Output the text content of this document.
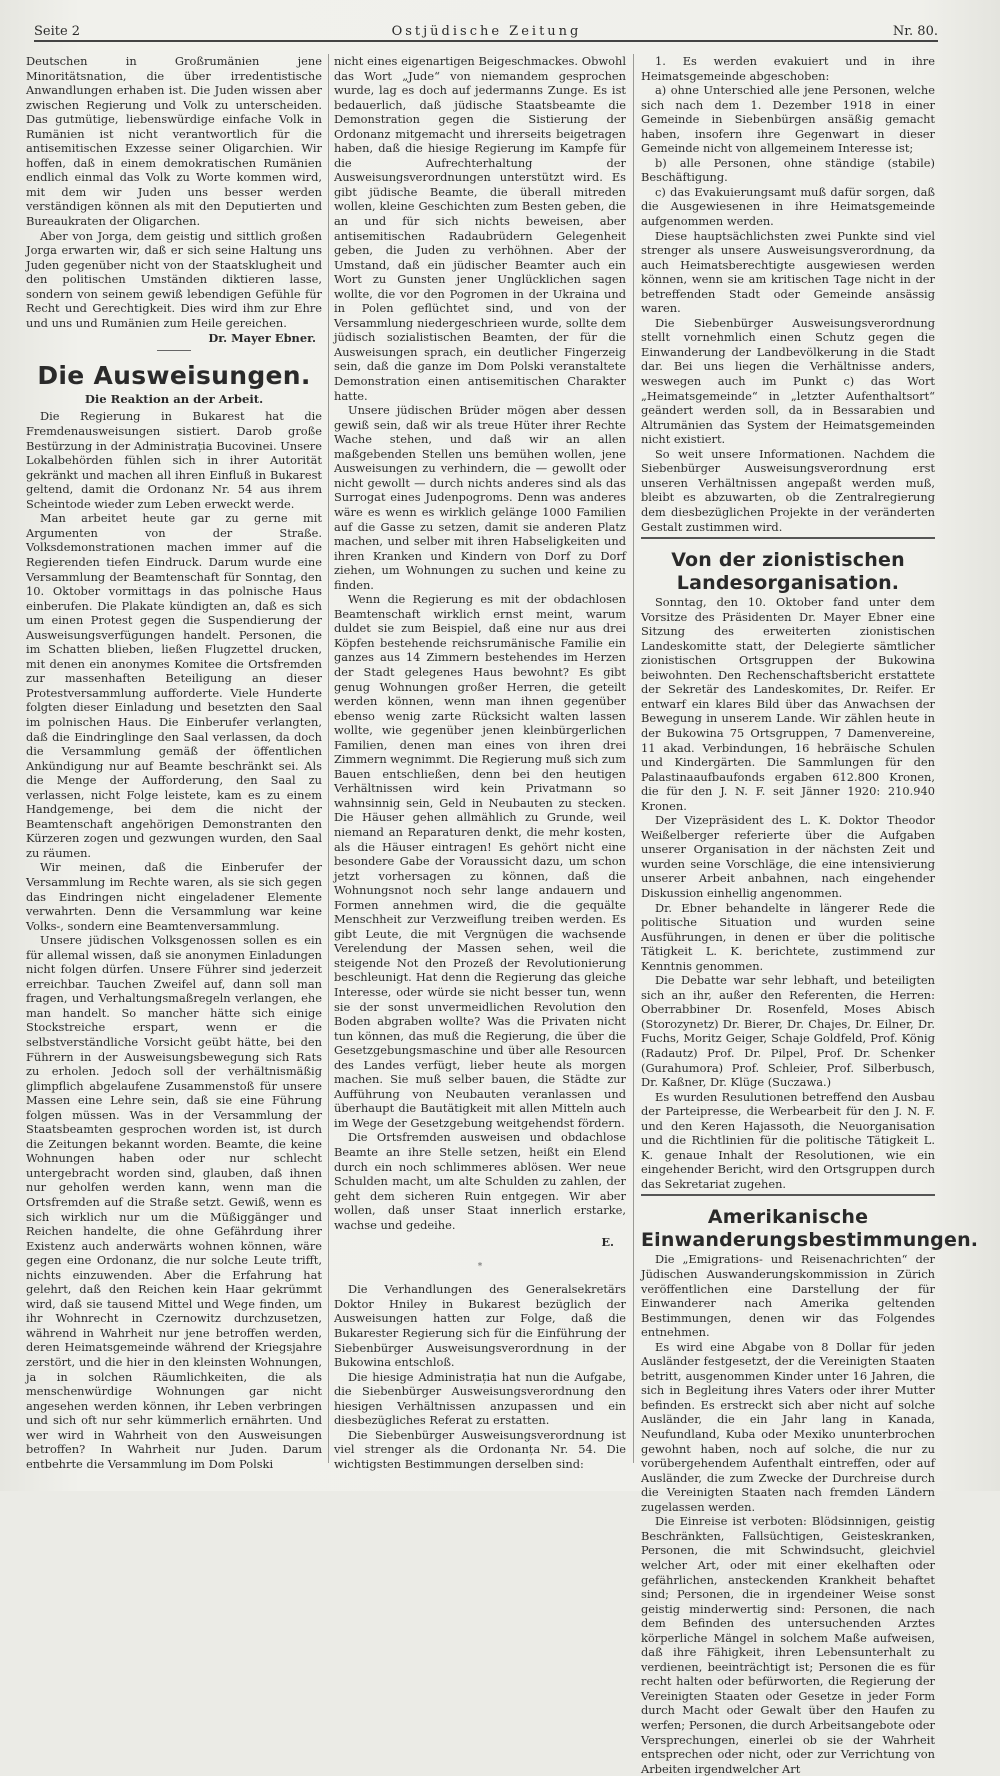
Seite 2	Ostjüdische Zeitung	Nr. 80.

Deutschen in Großrumänien jene Minoritätsnation, die über irredentistische Anwandlungen erhaben ist. Die Juden wissen aber zwischen Regierung und Volk zu unterscheiden. Das gutmütige, liebenswürdige einfache Volk in Rumänien ist nicht verantwortlich für die antisemitischen Exzesse seiner Oligarchien. Wir hoffen, daß in einem demokratischen Rumänien endlich einmal das Volk zu Worte kommen wird, mit dem wir Juden uns besser werden verständigen können als mit den Deputierten und Bureaukraten der Oligarchen.

Aber von Jorga, dem geistig und sittlich großen Jorga erwarten wir, daß er sich seine Haltung uns Juden gegenüber nicht von der Staatsklugheit und den politischen Umständen diktieren lasse, sondern von seinem gewiß lebendigen Gefühle für Recht und Gerechtigkeit. Dies wird ihm zur Ehre und uns und Rumänien zum Heile gereichen.

Dr. Mayer Ebner.
Die Ausweisungen.
Die Reaktion an der Arbeit.

Die Regierung in Bukarest hat die Fremdenausweisungen sistiert. Darob große Bestürzung in der Administrația Bucovinei. Unsere Lokalbehörden fühlen sich in ihrer Autorität gekränkt und machen all ihren Einfluß in Bukarest geltend, damit die Ordonanz Nr. 54 aus ihrem Scheintode wieder zum Leben erweckt werde.

Man arbeitet heute gar zu gerne mit Argumenten von der Straße. Volksdemonstrationen machen immer auf die Regierenden tiefen Eindruck. Darum wurde eine Versammlung der Beamtenschaft für Sonntag, den 10. Oktober vormittags in das polnische Haus einberufen. Die Plakate kündigten an, daß es sich um einen Protest gegen die Suspendierung der Ausweisungsverfügungen handelt. Personen, die im Schatten blieben, ließen Flugzettel drucken, mit denen ein anonymes Komitee die Ortsfremden zur massenhaften Beteiligung an dieser Protestversammlung aufforderte. Viele Hunderte folgten dieser Einladung und besetzten den Saal im polnischen Haus. Die Einberufer verlangten, daß die Eindringlinge den Saal verlassen, da doch die Versammlung gemäß der öffentlichen Ankündigung nur auf Beamte beschränkt sei. Als die Menge der Aufforderung, den Saal zu verlassen, nicht Folge leistete, kam es zu einem Handgemenge, bei dem die nicht der Beamtenschaft angehörigen Demonstranten den Kürzeren zogen und gezwungen wurden, den Saal zu räumen.

Wir meinen, daß die Einberufer der Versammlung im Rechte waren, als sie sich gegen das Eindringen nicht eingeladener Elemente verwahrten. Denn die Versammlung war keine Volks-, sondern eine Beamtenversammlung.

Unsere jüdischen Volksgenossen sollen es ein für allemal wissen, daß sie anonymen Einladungen nicht folgen dürfen. Unsere Führer sind jederzeit erreichbar. Tauchen Zweifel auf, dann soll man fragen, und Verhaltungsmaßregeln verlangen, ehe man handelt. So mancher hätte sich einige Stockstreiche erspart, wenn er die selbstverständliche Vorsicht geübt hätte, bei den Führern in der Ausweisungsbewegung sich Rats zu erholen. Jedoch soll der verhältnismäßig glimpflich abgelaufene Zusammenstoß für unsere Massen eine Lehre sein, daß sie eine Führung folgen müssen. Was in der Versammlung der Staatsbeamten gesprochen worden ist, ist durch die Zeitungen bekannt worden. Beamte, die keine Wohnungen haben oder nur schlecht untergebracht worden sind, glauben, daß ihnen nur geholfen werden kann, wenn man die Ortsfremden auf die Straße setzt. Gewiß, wenn es sich wirklich nur um die Müßiggänger und Reichen handelte, die ohne Gefährdung ihrer Existenz auch anderwärts wohnen können, wäre gegen eine Ordonanz, die nur solche Leute trifft, nichts einzuwenden. Aber die Erfahrung hat gelehrt, daß den Reichen kein Haar gekrümmt wird, daß sie tausend Mittel und Wege finden, um ihr Wohnrecht in Czernowitz durchzusetzen, während in Wahrheit nur jene betroffen werden, deren Heimatsgemeinde während der Kriegsjahre zerstört, und die hier in den kleinsten Wohnungen, ja in solchen Räumlichkeiten, die als menschenwürdige Wohnungen gar nicht angesehen werden können, ihr Leben verbringen und sich oft nur sehr kümmerlich ernährten. Und wer wird in Wahrheit von den Ausweisungen betroffen? In Wahrheit nur Juden. Darum entbehrte die Versammlung im Dom Polski

nicht eines eigenartigen Beigeschmackes. Obwohl das Wort „Jude“ von niemandem gesprochen wurde, lag es doch auf jedermanns Zunge. Es ist bedauerlich, daß jüdische Staatsbeamte die Demonstration gegen die Sistierung der Ordonanz mitgemacht und ihrerseits beigetragen haben, daß die hiesige Regierung im Kampfe für die Aufrechterhaltung der Ausweisungsverordnungen unterstützt wird. Es gibt jüdische Beamte, die überall mitreden wollen, kleine Geschichten zum Besten geben, die an und für sich nichts beweisen, aber antisemitischen Radaubrüdern Gelegenheit geben, die Juden zu verhöhnen. Aber der Umstand, daß ein jüdischer Beamter auch ein Wort zu Gunsten jener Unglücklichen sagen wollte, die vor den Pogromen in der Ukraina und in Polen geflüchtet sind, und von der Versammlung niedergeschrieen wurde, sollte dem jüdisch sozialistischen Beamten, der für die Ausweisungen sprach, ein deutlicher Fingerzeig sein, daß die ganze im Dom Polski veranstaltete Demonstration einen antisemitischen Charakter hatte.

Unsere jüdischen Brüder mögen aber dessen gewiß sein, daß wir als treue Hüter ihrer Rechte Wache stehen, und daß wir an allen maßgebenden Stellen uns bemühen wollen, jene Ausweisungen zu verhindern, die — gewollt oder nicht gewollt — durch nichts anderes sind als das Surrogat eines Judenpogroms. Denn was anderes wäre es wenn es wirklich gelänge 1000 Familien auf die Gasse zu setzen, damit sie anderen Platz machen, und selber mit ihren Habseligkeiten und ihren Kranken und Kindern von Dorf zu Dorf ziehen, um Wohnungen zu suchen und keine zu finden.

Wenn die Regierung es mit der obdachlosen Beamtenschaft wirklich ernst meint, warum duldet sie zum Beispiel, daß eine nur aus drei Köpfen bestehende reichsrumänische Familie ein ganzes aus 14 Zimmern bestehendes im Herzen der Stadt gelegenes Haus bewohnt? Es gibt genug Wohnungen großer Herren, die geteilt werden können, wenn man ihnen gegenüber ebenso wenig zarte Rücksicht walten lassen wollte, wie gegenüber jenen kleinbürgerlichen Familien, denen man eines von ihren drei Zimmern wegnimmt. Die Regierung muß sich zum Bauen entschließen, denn bei den heutigen Verhältnissen wird kein Privatmann so wahnsinnig sein, Geld in Neubauten zu stecken. Die Häuser gehen allmählich zu Grunde, weil niemand an Reparaturen denkt, die mehr kosten, als die Häuser eintragen! Es gehört nicht eine besondere Gabe der Voraussicht dazu, um schon jetzt vorhersagen zu können, daß die Wohnungsnot noch sehr lange andauern und Formen annehmen wird, die die gequälte Menschheit zur Verzweiflung treiben werden. Es gibt Leute, die mit Vergnügen die wachsende Verelendung der Massen sehen, weil die steigende Not den Prozeß der Revolutionierung beschleunigt. Hat denn die Regierung das gleiche Interesse, oder würde sie nicht besser tun, wenn sie der sonst unvermeidlichen Revolution den Boden abgraben wollte? Was die Privaten nicht tun können, das muß die Regierung, die über die Gesetzgebungsmaschine und über alle Resourcen des Landes verfügt, lieber heute als morgen machen. Sie muß selber bauen, die Städte zur Aufführung von Neubauten veranlassen und überhaupt die Bautätigkeit mit allen Mitteln auch im Wege der Gesetzgebung weitgehendst fördern.

Die Ortsfremden ausweisen und obdachlose Beamte an ihre Stelle setzen, heißt ein Elend durch ein noch schlimmeres ablösen. Wer neue Schulden macht, um alte Schulden zu zahlen, der geht dem sicheren Ruin entgegen. Wir aber wollen, daß unser Staat innerlich erstarke, wachse und gedeihe.

E.
*

Die Verhandlungen des Generalsekretärs Doktor Hniley in Bukarest bezüglich der Ausweisungen hatten zur Folge, daß die Bukarester Regierung sich für die Einführung der Siebenbürger Ausweisungsverordnung in der Bukowina entschloß.

Die hiesige Administrația hat nun die Aufgabe, die Siebenbürger Ausweisungsverordnung den hiesigen Verhältnissen anzupassen und ein diesbezügliches Referat zu erstatten.

Die Siebenbürger Ausweisungsverordnung ist viel strenger als die Ordonanța Nr. 54. Die wichtigsten Bestimmungen derselben sind:

1. Es werden evakuiert und in ihre Heimatsgemeinde abgeschoben:

a) ohne Unterschied alle jene Personen, welche sich nach dem 1. Dezember 1918 in einer Gemeinde in Siebenbürgen ansäßig gemacht haben, insofern ihre Gegenwart in dieser Gemeinde nicht von allgemeinem Interesse ist;

b) alle Personen, ohne ständige (stabile) Beschäftigung.

c) das Evakuierungsamt muß dafür sorgen, daß die Ausgewiesenen in ihre Heimatsgemeinde aufgenommen werden.

Diese hauptsächlichsten zwei Punkte sind viel strenger als unsere Ausweisungsverordnung, da auch Heimatsberechtigte ausgewiesen werden können, wenn sie am kritischen Tage nicht in der betreffenden Stadt oder Gemeinde ansässig waren.

Die Siebenbürger Ausweisungsverordnung stellt vornehmlich einen Schutz gegen die Einwanderung der Landbevölkerung in die Stadt dar. Bei uns liegen die Verhältnisse anders, weswegen auch im Punkt c) das Wort „Heimatsgemeinde“ in „letzter Aufenthaltsort“ geändert werden soll, da in Bessarabien und Altrumänien das System der Heimatsgemeinden nicht existiert.

So weit unsere Informationen. Nachdem die Siebenbürger Ausweisungsverordnung erst unseren Verhältnissen angepaßt werden muß, bleibt es abzuwarten, ob die Zentralregierung dem diesbezüglichen Projekte in der veränderten Gestalt zustimmen wird.

Von der zionistischen Landesorganisation.

Sonntag, den 10. Oktober fand unter dem Vorsitze des Präsidenten Dr. Mayer Ebner eine Sitzung des erweiterten zionistischen Landeskomitte statt, der Delegierte sämtlicher zionistischen Ortsgruppen der Bukowina beiwohnten. Den Rechenschaftsbericht erstattete der Sekretär des Landeskomites, Dr. Reifer. Er entwarf ein klares Bild über das Anwachsen der Bewegung in unserem Lande. Wir zählen heute in der Bukowina 75 Ortsgruppen, 7 Damenvereine, 11 akad. Verbindungen, 16 hebräische Schulen und Kindergärten. Die Sammlungen für den Palastinaaufbaufonds ergaben 612.800 Kronen, die für den J. N. F. seit Jänner 1920: 210.940 Kronen.

Der Vizepräsident des L. K. Doktor Theodor Weißelberger referierte über die Aufgaben unserer Organisation in der nächsten Zeit und wurden seine Vorschläge, die eine intensivierung unserer Arbeit anbahnen, nach eingehender Diskussion einhellig angenommen.

Dr. Ebner behandelte in längerer Rede die politische Situation und wurden seine Ausführungen, in denen er über die politische Tätigkeit L. K. berichtete, zustimmend zur Kenntnis genommen.

Die Debatte war sehr lebhaft, und beteiligten sich an ihr, außer den Referenten, die Herren: Oberrabbiner Dr. Rosenfeld, Moses Abisch (Storozynetz) Dr. Bierer, Dr. Chajes, Dr. Eilner, Dr. Fuchs, Moritz Geiger, Schaje Goldfeld, Prof. König (Radautz) Prof. Dr. Pilpel, Prof. Dr. Schenker (Gurahumora) Prof. Schleier, Prof. Silberbusch, Dr. Kaßner, Dr. Klüge (Suczawa.)

Es wurden Resulutionen betreffend den Ausbau der Parteipresse, die Werbearbeit für den J. N. F. und den Keren Hajassoth, die Neuorganisation und die Richtlinien für die politische Tätigkeit L. K. genaue Inhalt der Resolutionen, wie ein eingehender Bericht, wird den Ortsgruppen durch das Sekretariat zugehen.

Amerikanische Einwanderungsbestimmungen.

Die „Emigrations- und Reisenachrichten“ der Jüdischen Auswanderungskommission in Zürich veröffentlichen eine Darstellung der für Einwanderer nach Amerika geltenden Bestimmungen, denen wir das Folgendes entnehmen.

Es wird eine Abgabe von 8 Dollar für jeden Ausländer festgesetzt, der die Vereinigten Staaten betritt, ausgenommen Kinder unter 16 Jahren, die sich in Begleitung ihres Vaters oder ihrer Mutter befinden. Es erstreckt sich aber nicht auf solche Ausländer, die ein Jahr lang in Kanada, Neufundland, Kuba oder Mexiko ununterbrochen gewohnt haben, noch auf solche, die nur zu vorübergehendem Aufenthalt eintreffen, oder auf Ausländer, die zum Zwecke der Durchreise durch die Vereinigten Staaten nach fremden Ländern zugelassen werden.

Die Einreise ist verboten: Blödsinnigen, geistig Beschränkten, Fallsüchtigen, Geisteskranken, Personen, die mit Schwindsucht, gleichviel welcher Art, oder mit einer ekelhaften oder gefährlichen, ansteckenden Krankheit behaftet sind; Personen, die in irgendeiner Weise sonst geistig minderwertig sind: Personen, die nach dem Befinden des untersuchenden Arztes körperliche Mängel in solchem Maße aufweisen, daß ihre Fähigkeit, ihren Lebensunterhalt zu verdienen, beeinträchtigt ist; Personen die es für recht halten oder befürworten, die Regierung der Vereinigten Staaten oder Gesetze in jeder Form durch Macht oder Gewalt über den Haufen zu werfen; Personen, die durch Arbeitsangebote oder Versprechungen, einerlei ob sie der Wahrheit entsprechen oder nicht, oder zur Verrichtung von Arbeiten irgendwelcher Art
